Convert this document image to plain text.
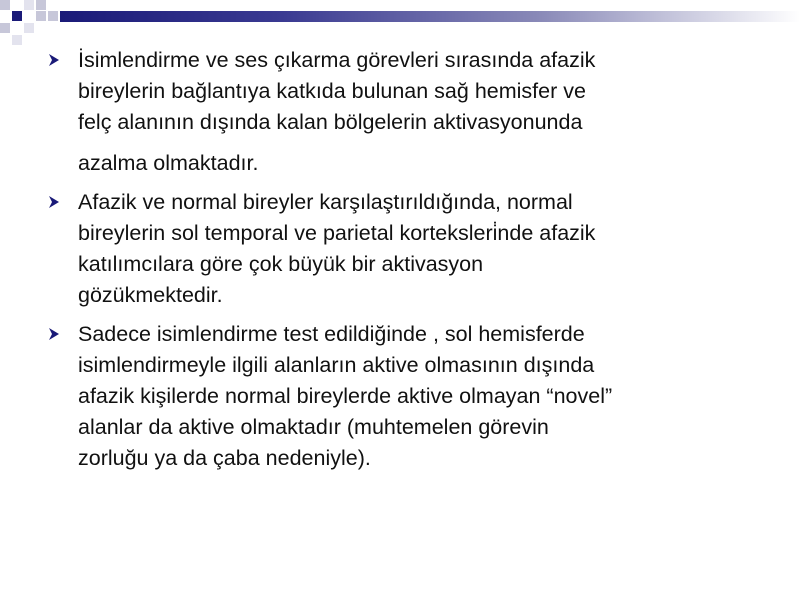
İsimlendirme ve ses çıkarma görevleri sırasında afazik
bireylerin bağlantıya katkıda bulunan sağ hemisfer ve
felç alanının dışında kalan bölgelerin aktivasyonunda
azalma olmaktadır.
Afazik ve normal bireyler karşılaştırıldığında, normal
bireylerin sol temporal ve parietal korteksleri̇nde afazik
katılımcılara göre çok büyük bir aktivasyon
gözükmektedir.
Sadece isimlendirme test edildiğinde , sol hemisferde
isimlendirmeyle ilgili alanların aktive olmasının dışında
afazik kişilerde normal bireylerde aktive olmayan “novel”
alanlar da aktive olmaktadır (muhtemelen görevin
zorluğu ya da çaba nedeniyle).
